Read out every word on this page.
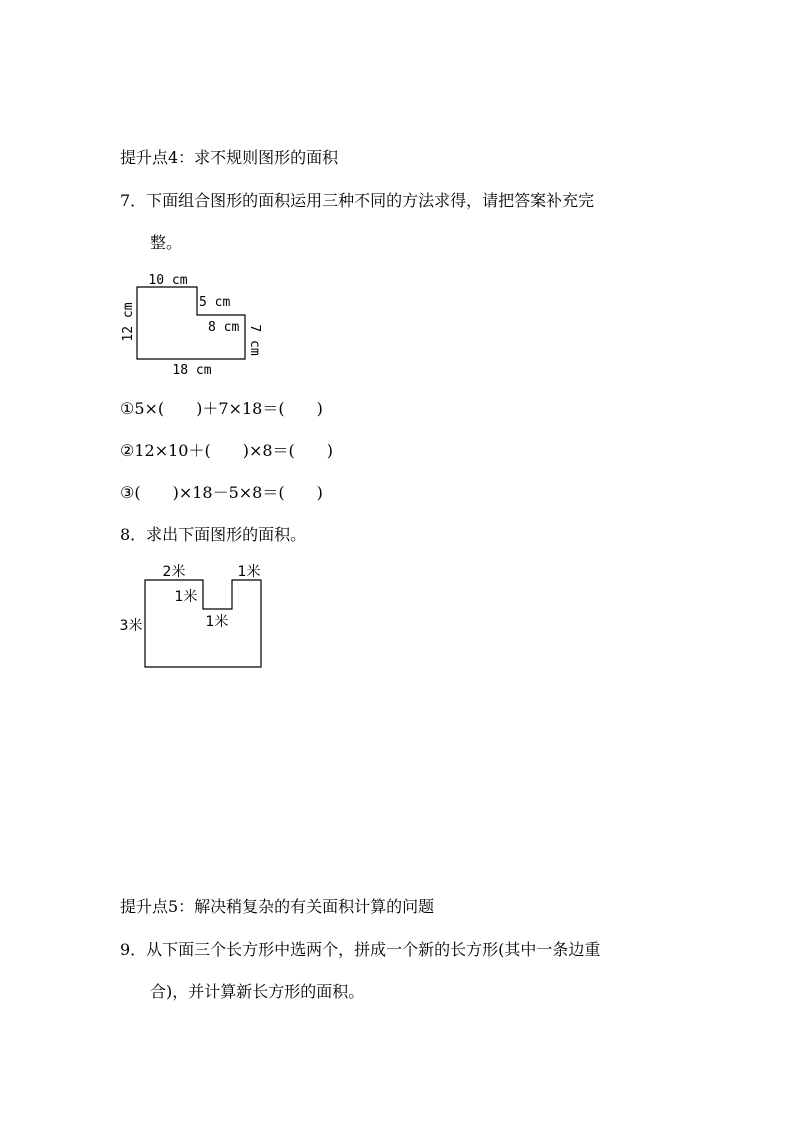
提升点4：求不规则图形的面积
7．下面组合图形的面积运用三种不同的方法求得，请把答案补充完
整。
10 cm
5 cm
8 cm
12 cm	7 cm
18 cm
①5×(　　)＋7×18＝(　　)
②12×10＋(　　)×8＝(　　)
③(　　)×18－5×8＝(　　)
8．求出下面图形的面积。
2米	1米
1米
1米
3米
提升点5：解决稍复杂的有关面积计算的问题
9．从下面三个长方形中选两个，拼成一个新的长方形(其中一条边重
合)，并计算新长方形的面积。
